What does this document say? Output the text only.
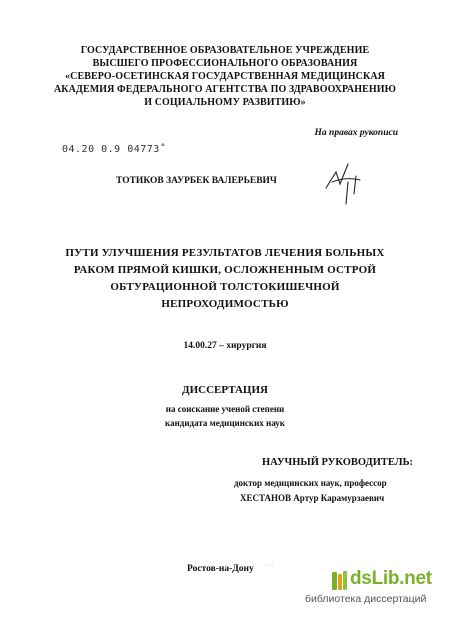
ГОСУДАРСТВЕННОЕ ОБРАЗОВАТЕЛЬНОЕ УЧРЕЖДЕНИЕ
ВЫСШЕГО ПРОФЕССИОНАЛЬНОГО ОБРАЗОВАНИЯ
«СЕВЕРО-ОСЕТИНСКАЯ ГОСУДАРСТВЕННАЯ МЕДИЦИНСКАЯ
АКАДЕМИЯ ФЕДЕРАЛЬНОГО АГЕНТСТВА ПО ЗДРАВООХРАНЕНИЮ
И СОЦИАЛЬНОМУ РАЗВИТИЮ»
На правах рукописи
04.20 0.9 04773˚
ТОТИКОВ ЗАУРБЕК ВАЛЕРЬЕВИЧ
ПУТИ УЛУЧШЕНИЯ РЕЗУЛЬТАТОВ ЛЕЧЕНИЯ БОЛЬНЫХ
РАКОМ ПРЯМОЙ КИШКИ, ОСЛОЖНЕННЫМ ОСТРОЙ
ОБТУРАЦИОННОЙ ТОЛСТОКИШЕЧНОЙ
НЕПРОХОДИМОСТЬЮ
14.00.27 – хирургия
ДИССЕРТАЦИЯ
на соискание ученой степени
кандидата медицинских наук
НАУЧНЫЙ РУКОВОДИТЕЛЬ:
доктор медицинских наук, профессор
ХЕСТАНОВ Артур Карамурзаевич
Ростов-на-Дону ˙˙˙˙
dsLib.net
библиотека диссертаций
